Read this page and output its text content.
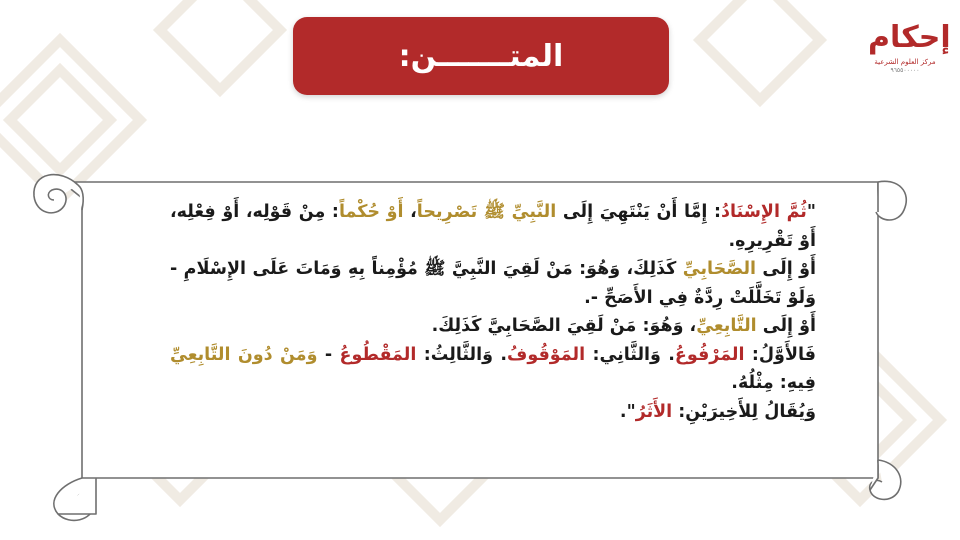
إحكام
مركز العلوم الشرعية
٩٦٥٥٠٠٠٠٠
المتـــــــن:

"ثُمَّ الإِسْنَادُ: إِمَّا أَنْ يَنْتَهِيَ إِلَى النَّبِيِّ ﷺ تَصْرِيحاً، أَوْ حُكْماً: مِنْ قَوْلِه، أَوْ فِعْلِه، أَوْ تَقْرِيرِهِ.

أَوْ إِلَى الصَّحَابِيِّ كَذَلِكَ، وَهُوَ: مَنْ لَقِيَ النَّبِيَّ ﷺ مُؤْمِناً بِهِ وَمَاتَ عَلَى الإِسْلَامِ - وَلَوْ تَخَلَّلَتْ رِدَّةٌ فِي الأَصَحِّ -.

أَوْ إِلَى التَّابِعِيِّ، وَهُوَ: مَنْ لَقِيَ الصَّحَابِيَّ كَذَلِكَ.

فَالأَوَّلُ: المَرْفُوعُ. وَالثَّانِي: المَوْقُوفُ. وَالثَّالِثُ: المَقْطُوعُ - وَمَنْ دُونَ التَّابِعِيِّ فِيهِ: مِثْلُهُ.

وَيُقَالُ لِلأَخِيرَيْنِ: الأَثَرُ".
